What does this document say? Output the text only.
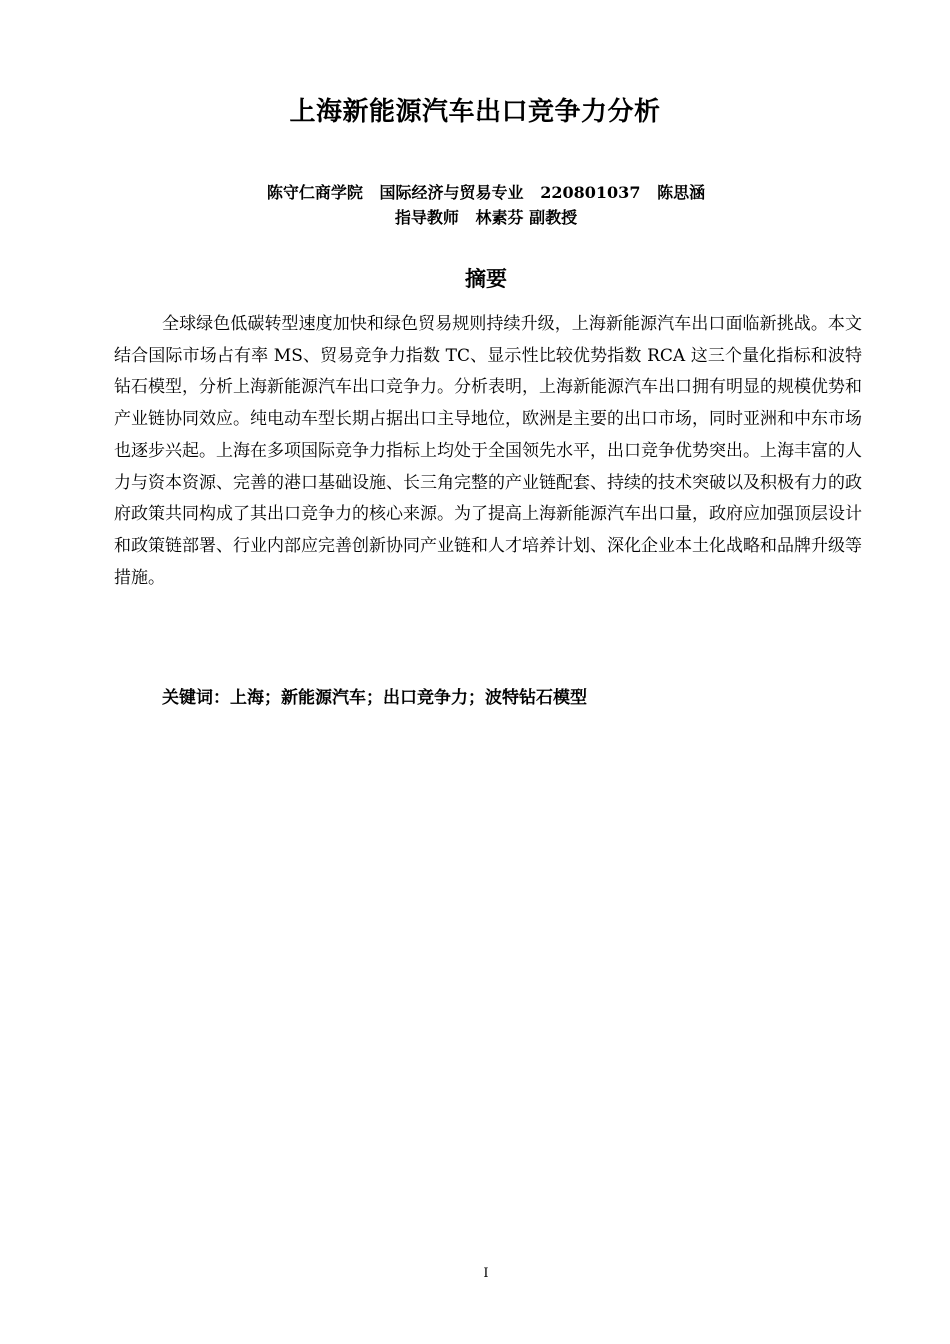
上海新能源汽车出口竞争力分析
陈守仁商学院   国际经济与贸易专业   220801037   陈思涵
指导教师   林素芬 副教授
摘要

全球绿色低碳转型速度加快和绿色贸易规则持续升级，上海新能源汽车出口面临新挑战。本文结合国际市场占有率 MS、贸易竞争力指数 TC、显示性比较优势指数 RCA 这三个量化指标和波特钻石模型，分析上海新能源汽车出口竞争力。分析表明，上海新能源汽车出口拥有明显的规模优势和产业链协同效应。纯电动车型长期占据出口主导地位，欧洲是主要的出口市场，同时亚洲和中东市场也逐步兴起。上海在多项国际竞争力指标上均处于全国领先水平，出口竞争优势突出。上海丰富的人力与资本资源、完善的港口基础设施、长三角完整的产业链配套、持续的技术突破以及积极有力的政府政策共同构成了其出口竞争力的核心来源。为了提高上海新能源汽车出口量，政府应加强顶层设计和政策链部署、行业内部应完善创新协同产业链和人才培养计划、深化企业本土化战略和品牌升级等措施。

关键词：上海；新能源汽车；出口竞争力；波特钻石模型
I
